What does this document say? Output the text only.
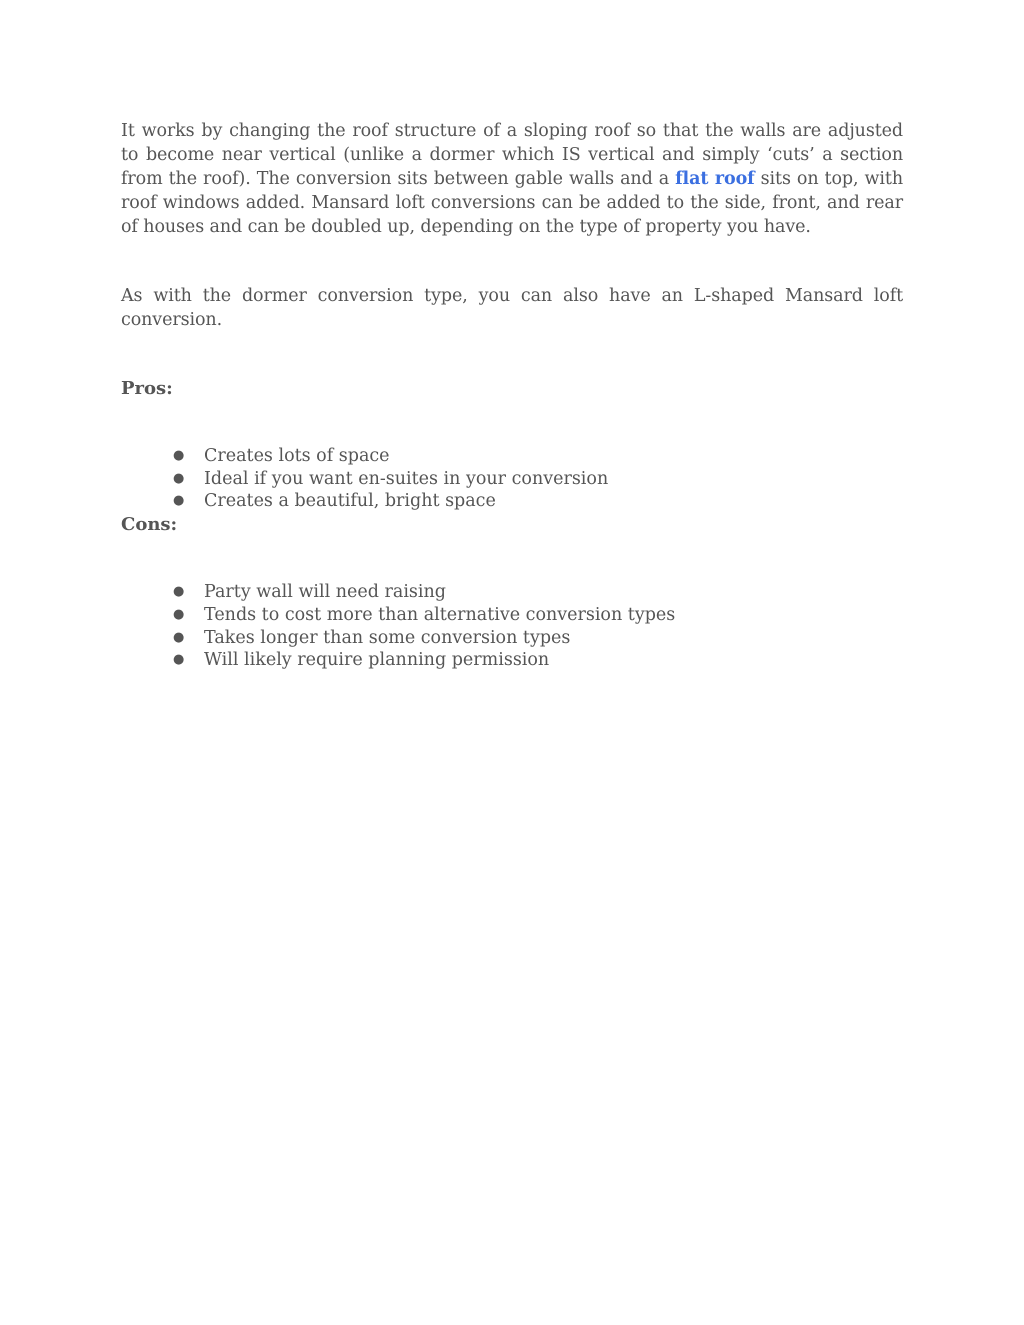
It works by changing the roof structure of a sloping roof so that the walls are adjusted to become near vertical (unlike a dormer which IS vertical and simply ‘cuts’ a section from the roof). The conversion sits between gable walls and a flat roof sits on top, with roof windows added. Mansard loft conversions can be added to the side, front, and rear of houses and can be doubled up, depending on the type of property you have.

As with the dormer conversion type, you can also have an L-shaped Mansard loft conversion.

Pros:
● Creates lots of space
● Ideal if you want en-suites in your conversion
● Creates a beautiful, bright space
Cons:
● Party wall will need raising
● Tends to cost more than alternative conversion types
● Takes longer than some conversion types
● Will likely require planning permission
